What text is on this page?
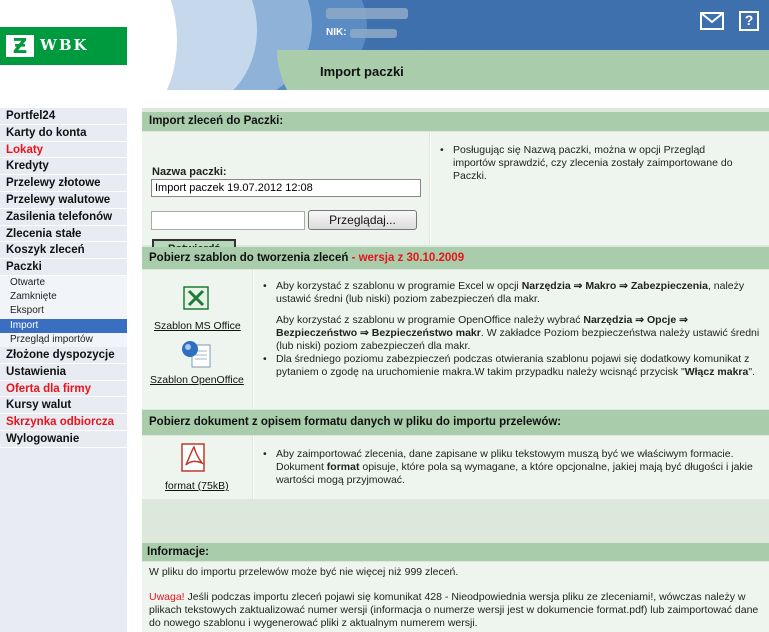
Ƶ WBK
NIK:
?
Import paczki
Portfel24
Karty do konta
Lokaty
Kredyty
Przelewy złotowe
Przelewy walutowe
Zasilenia telefonów
Zlecenia stałe
Koszyk zleceń
Paczki
Otwarte
Zamknięte
Eksport
Import
Przegląd importów
Złożone dyspozycje
Ustawienia
Oferta dla firmy
Kursy walut
Skrzynka odbiorcza
Wylogowanie
Import zleceń do Paczki:
Nazwa paczki:
Import paczek 19.07.2012 12:08
Przeglądaj...
• Posługując się Nazwą paczki, można w opcji Przegląd importów sprawdzić, czy zlecenia zostały zaimportowane do Paczki.
Pobierz szablon do tworzenia zleceń - wersja z 30.10.2009
Szablon MS Office
Szablon OpenOffice
• Aby korzystać z szablonu w programie Excel w opcji Narzędzia ⇒ Makro ⇒ Zabezpieczenia, należy ustawić średni (lub niski) poziom zabezpieczeń dla makr.
Aby korzystać z szablonu w programie OpenOffice należy wybrać Narzędzia ⇒ Opcje ⇒ Bezpieczeństwo ⇒ Bezpieczeństwo makr. W zakładce Poziom bezpieczeństwa należy ustawić średni (lub niski) poziom zabezpieczeń dla makr.
• Dla średniego poziomu zabezpieczeń podczas otwierania szablonu pojawi się dodatkowy komunikat z pytaniem o zgodę na uruchomienie makra.W takim przypadku należy wcisnąć przycisk "Włącz makra".
Pobierz dokument z opisem formatu danych w pliku do importu przelewów:
format (75kB)
• Aby zaimportować zlecenia, dane zapisane w pliku tekstowym muszą być we właściwym formacie. Dokument format opisuje, które pola są wymagane, a które opcjonalne, jakiej mają być długości i jakie wartości mogą przyjmować.
Informacje:
W pliku do importu przelewów może być nie więcej niż 999 zleceń.
Uwaga! Jeśli podczas importu zleceń pojawi się komunikat 428 - Nieodpowiednia wersja pliku ze zleceniami!, wówczas należy w plikach tekstowych zaktualizować numer wersji (informacja o numerze wersji jest w dokumencie format.pdf) lub zaimportować dane do nowego szablonu i wygenerować pliki z aktualnym numerem wersji.
